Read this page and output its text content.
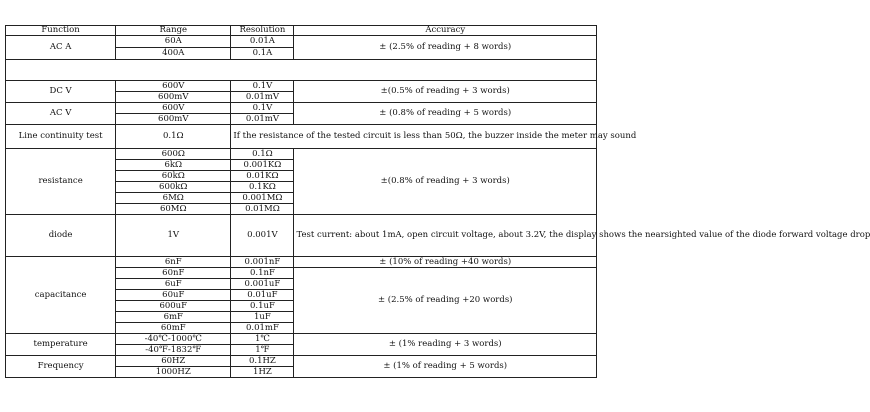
Function	Range	Resolution	Accuracy
AC A	60A	0.01A	± (2.5% of reading + 8 words)
	400A	0.1A	

DC V	600V	0.1V	±(0.5% of reading + 3 words)
	600mV	0.01mV	
AC V	600V	0.1V	± (0.8% of reading + 5 words)
	600mV	0.01mV	
Line continuity test	0.1Ω	If the resistance of the tested circuit is less than 50Ω, the buzzer inside the meter may sound	
resistance	600Ω	0.1Ω	±(0.8% of reading + 3 words)
	6kΩ	0.001KΩ	
	60kΩ	0.01KΩ	
	600kΩ	0.1KΩ	
	6MΩ	0.001MΩ	
	60MΩ	0.01MΩ	
diode	1V	0.001V	Test current: about 1mA, open circuit voltage, about 3.2V, the display shows the nearsighted value of the diode forward voltage drop
capacitance	6nF	0.001nF	± (10% of reading +40 words)
	60nF	0.1nF	± (2.5% of reading +20 words)
	6uF	0.001uF	
	60uF	0.01uF	
	600uF	0.1uF	
	6mF	1uF	
	60mF	0.01mF	
temperature	-40℃-1000℃	1℃	± (1% reading + 3 words)
	-40℉-1832℉	1℉	
Frequency	60HZ	0.1HZ	± (1% of reading + 5 words)
	1000HZ	1HZ	
